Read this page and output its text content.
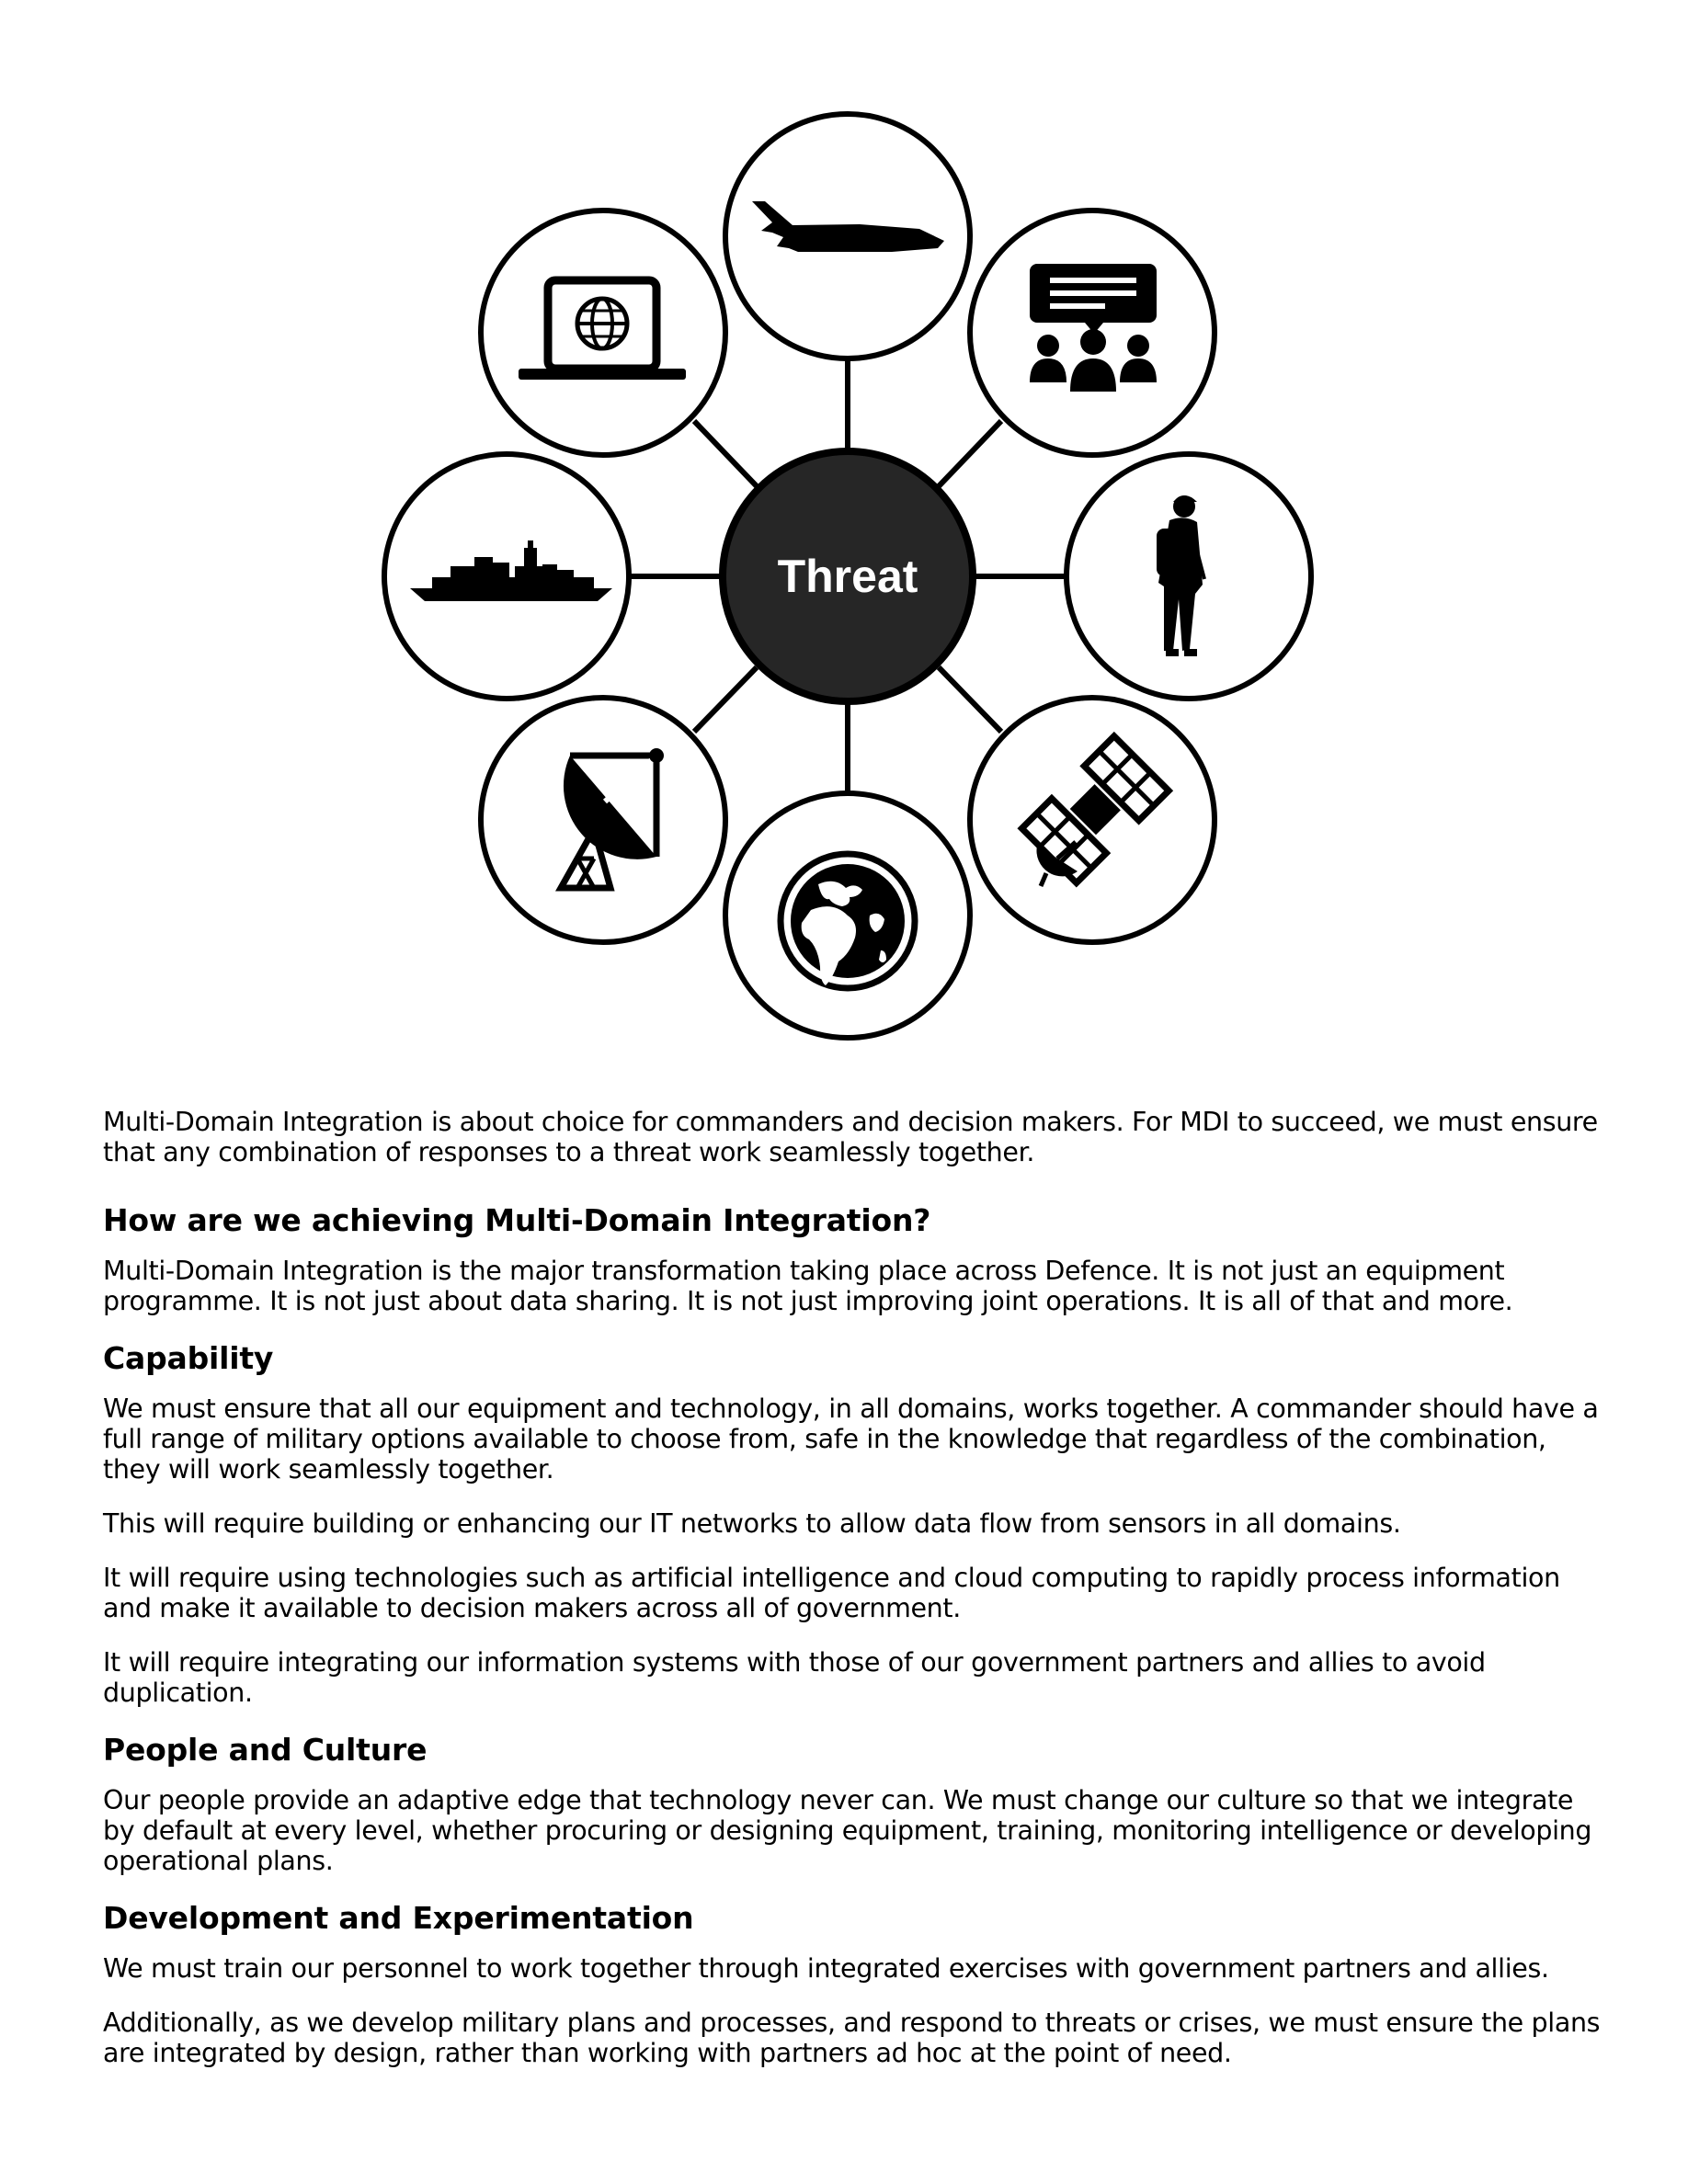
Threat

Multi-Domain Integration is about choice for commanders and decision makers. For MDI to succeed, we must ensure that any combination of responses to a threat work seamlessly together.

How are we achieving Multi-Domain Integration?

Multi-Domain Integration is the major transformation taking place across Defence. It is not just an equipment programme. It is not just about data sharing. It is not just improving joint operations. It is all of that and more.

Capability

We must ensure that all our equipment and technology, in all domains, works together. A commander should have a full range of military options available to choose from, safe in the knowledge that regardless of the combination, they will work seamlessly together.

This will require building or enhancing our IT networks to allow data flow from sensors in all domains.

It will require using technologies such as artificial intelligence and cloud computing to rapidly process information and make it available to decision makers across all of government.

It will require integrating our information systems with those of our government partners and allies to avoid duplication.

People and Culture

Our people provide an adaptive edge that technology never can. We must change our culture so that we integrate by default at every level, whether procuring or designing equipment, training, monitoring intelligence or developing operational plans.

Development and Experimentation

We must train our personnel to work together through integrated exercises with government partners and allies.

Additionally, as we develop military plans and processes, and respond to threats or crises, we must ensure the plans are integrated by design, rather than working with partners ad hoc at the point of need.
